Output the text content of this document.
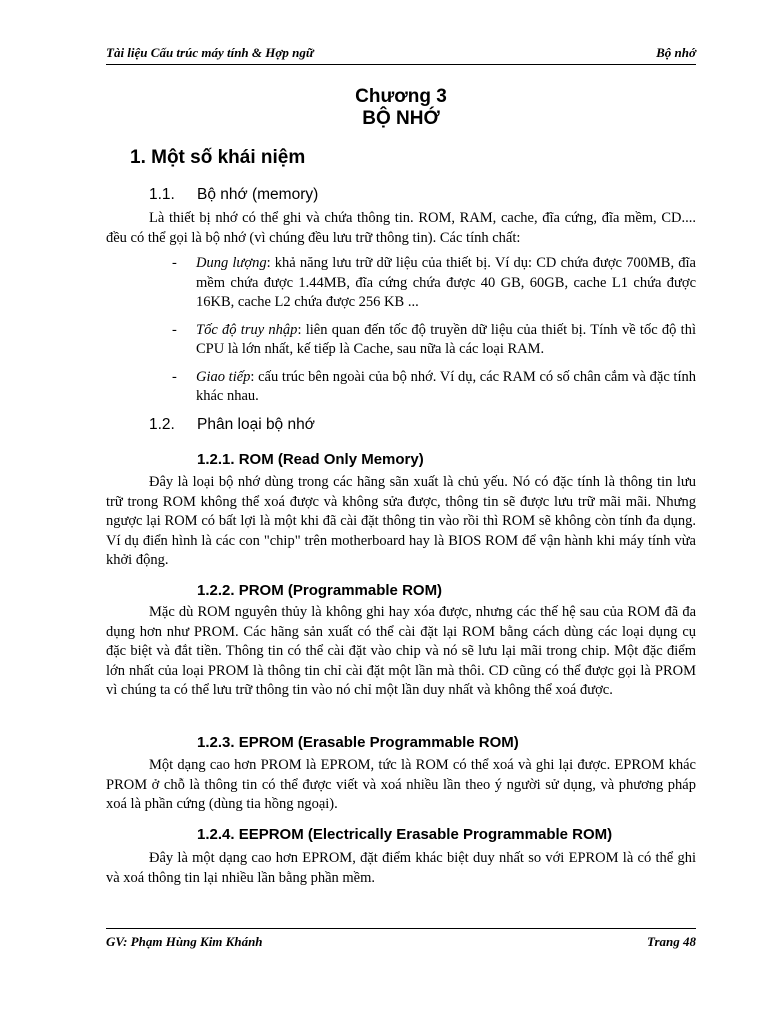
Tài liệu Cấu trúc máy tính & Hợp ngữ	Bộ nhớ
Chương 3
BỘ NHỚ
1. Một số khái niệm
1.1. Bộ nhớ (memory)

Là thiết bị nhớ có thể ghi và chứa thông tin. ROM, RAM, cache, đĩa cứng, đĩa mềm, CD.... đều có thể gọi là bộ nhớ (vì chúng đều lưu trữ thông tin). Các tính chất:

- Dung lượng: khả năng lưu trữ dữ liệu của thiết bị. Ví dụ: CD chứa được 700MB, đĩa mềm chứa được 1.44MB, đĩa cứng chứa được 40 GB, 60GB, cache L1 chứa được 16KB, cache L2 chứa được 256 KB ...
- Tốc độ truy nhập: liên quan đến tốc độ truyền dữ liệu của thiết bị. Tính về tốc độ thì CPU là lớn nhất, kế tiếp là Cache, sau nữa là các loại RAM.
- Giao tiếp: cấu trúc bên ngoài của bộ nhớ. Ví dụ, các RAM có số chân cắm và đặc tính khác nhau.
1.2. Phân loại bộ nhớ
1.2.1. ROM (Read Only Memory)

Đây là loại bộ nhớ dùng trong các hãng sãn xuất là chủ yếu. Nó có đặc tính là thông tin lưu trữ trong ROM không thể xoá được và không sửa được, thông tin sẽ được lưu trữ mãi mãi. Nhưng ngược lại ROM có bất lợi là một khi đã cài đặt thông tin vào rồi thì ROM sẽ không còn tính đa dụng. Ví dụ điển hình là các con "chip" trên motherboard hay là BIOS ROM để vận hành khi máy tính vừa khởi động.

1.2.2. PROM (Programmable ROM)

Mặc dù ROM nguyên thủy là không ghi hay xóa được, nhưng các thế hệ sau của ROM đã đa dụng hơn như PROM. Các hãng sản xuất có thể cài đặt lại ROM bằng cách dùng các loại dụng cụ đặc biệt và đắt tiền. Thông tin có thể cài đặt vào chip và nó sẽ lưu lại mãi trong chip. Một đặc điểm lớn nhất của loại PROM là thông tin chỉ cài đặt một lần mà thôi. CD cũng có thể được gọi là PROM vì chúng ta có thể lưu trữ thông tin vào nó chỉ một lần duy nhất và không thể xoá được.

1.2.3. EPROM (Erasable Programmable ROM)

Một dạng cao hơn PROM là EPROM, tức là ROM có thể xoá và ghi lại được. EPROM khác PROM ở chỗ là thông tin có thể được viết và xoá nhiều lần theo ý người sử dụng, và phương pháp xoá là phần cứng (dùng tia hồng ngoại).

1.2.4. EEPROM (Electrically Erasable Programmable ROM)

Đây là một dạng cao hơn EPROM, đặt điểm khác biệt duy nhất so với EPROM là có thể ghi và xoá thông tin lại nhiều lần bằng phần mềm.

GV: Phạm Hùng Kim Khánh	Trang 48
